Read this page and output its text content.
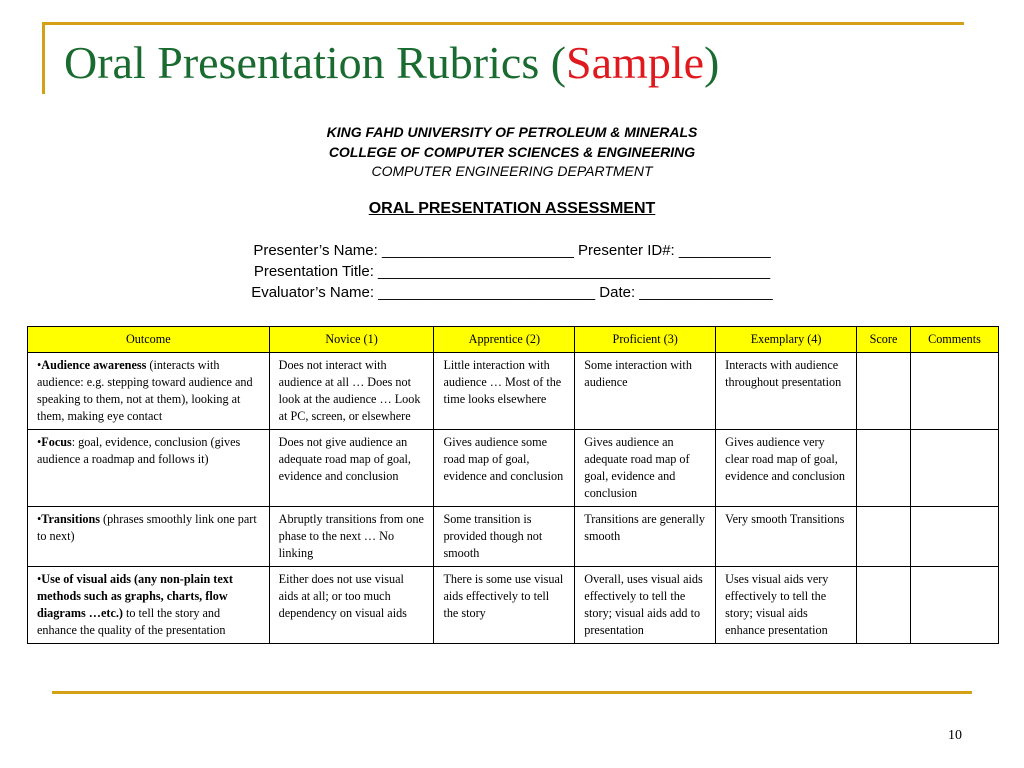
Oral Presentation Rubrics (Sample)
KING FAHD UNIVERSITY OF PETROLEUM & MINERALS
COLLEGE OF COMPUTER SCIENCES & ENGINEERING
COMPUTER ENGINEERING DEPARTMENT
ORAL PRESENTATION ASSESSMENT
Presenter’s Name: _______________________ Presenter ID#: ___________
Presentation Title: _______________________________________________
Evaluator’s Name: __________________________ Date: ________________
Outcome	Novice (1)	Apprentice (2)	Proficient (3)	Exemplary (4)	Score	Comments
•Audience awareness (interacts with audience: e.g. stepping toward audience and speaking to them, not at them), looking at them, making eye contact	Does not interact with audience at all … Does not look at the audience … Look at PC, screen, or elsewhere	Little interaction with audience … Most of the time looks elsewhere	Some interaction with audience	Interacts with audience throughout presentation		
•Focus: goal, evidence, conclusion (gives audience a roadmap and follows it)	Does not give audience an adequate road map of goal, evidence and conclusion	Gives audience some road map of goal, evidence and conclusion	Gives audience an adequate road map of goal, evidence and conclusion	Gives audience very clear road map of goal, evidence and conclusion		
•Transitions (phrases smoothly link one part to next)	Abruptly transitions from one phase to the next … No linking	Some transition is provided though not smooth	Transitions are generally smooth	Very smooth Transitions		
•Use of visual aids (any non-plain text methods such as graphs, charts, flow diagrams …etc.) to tell the story and enhance the quality of the presentation	Either does not use visual aids at all; or too much dependency on visual aids	There is some use visual aids effectively to tell the story	Overall, uses visual aids effectively to tell the story; visual aids add to presentation	Uses visual aids very effectively to tell the story; visual aids enhance presentation		
10
